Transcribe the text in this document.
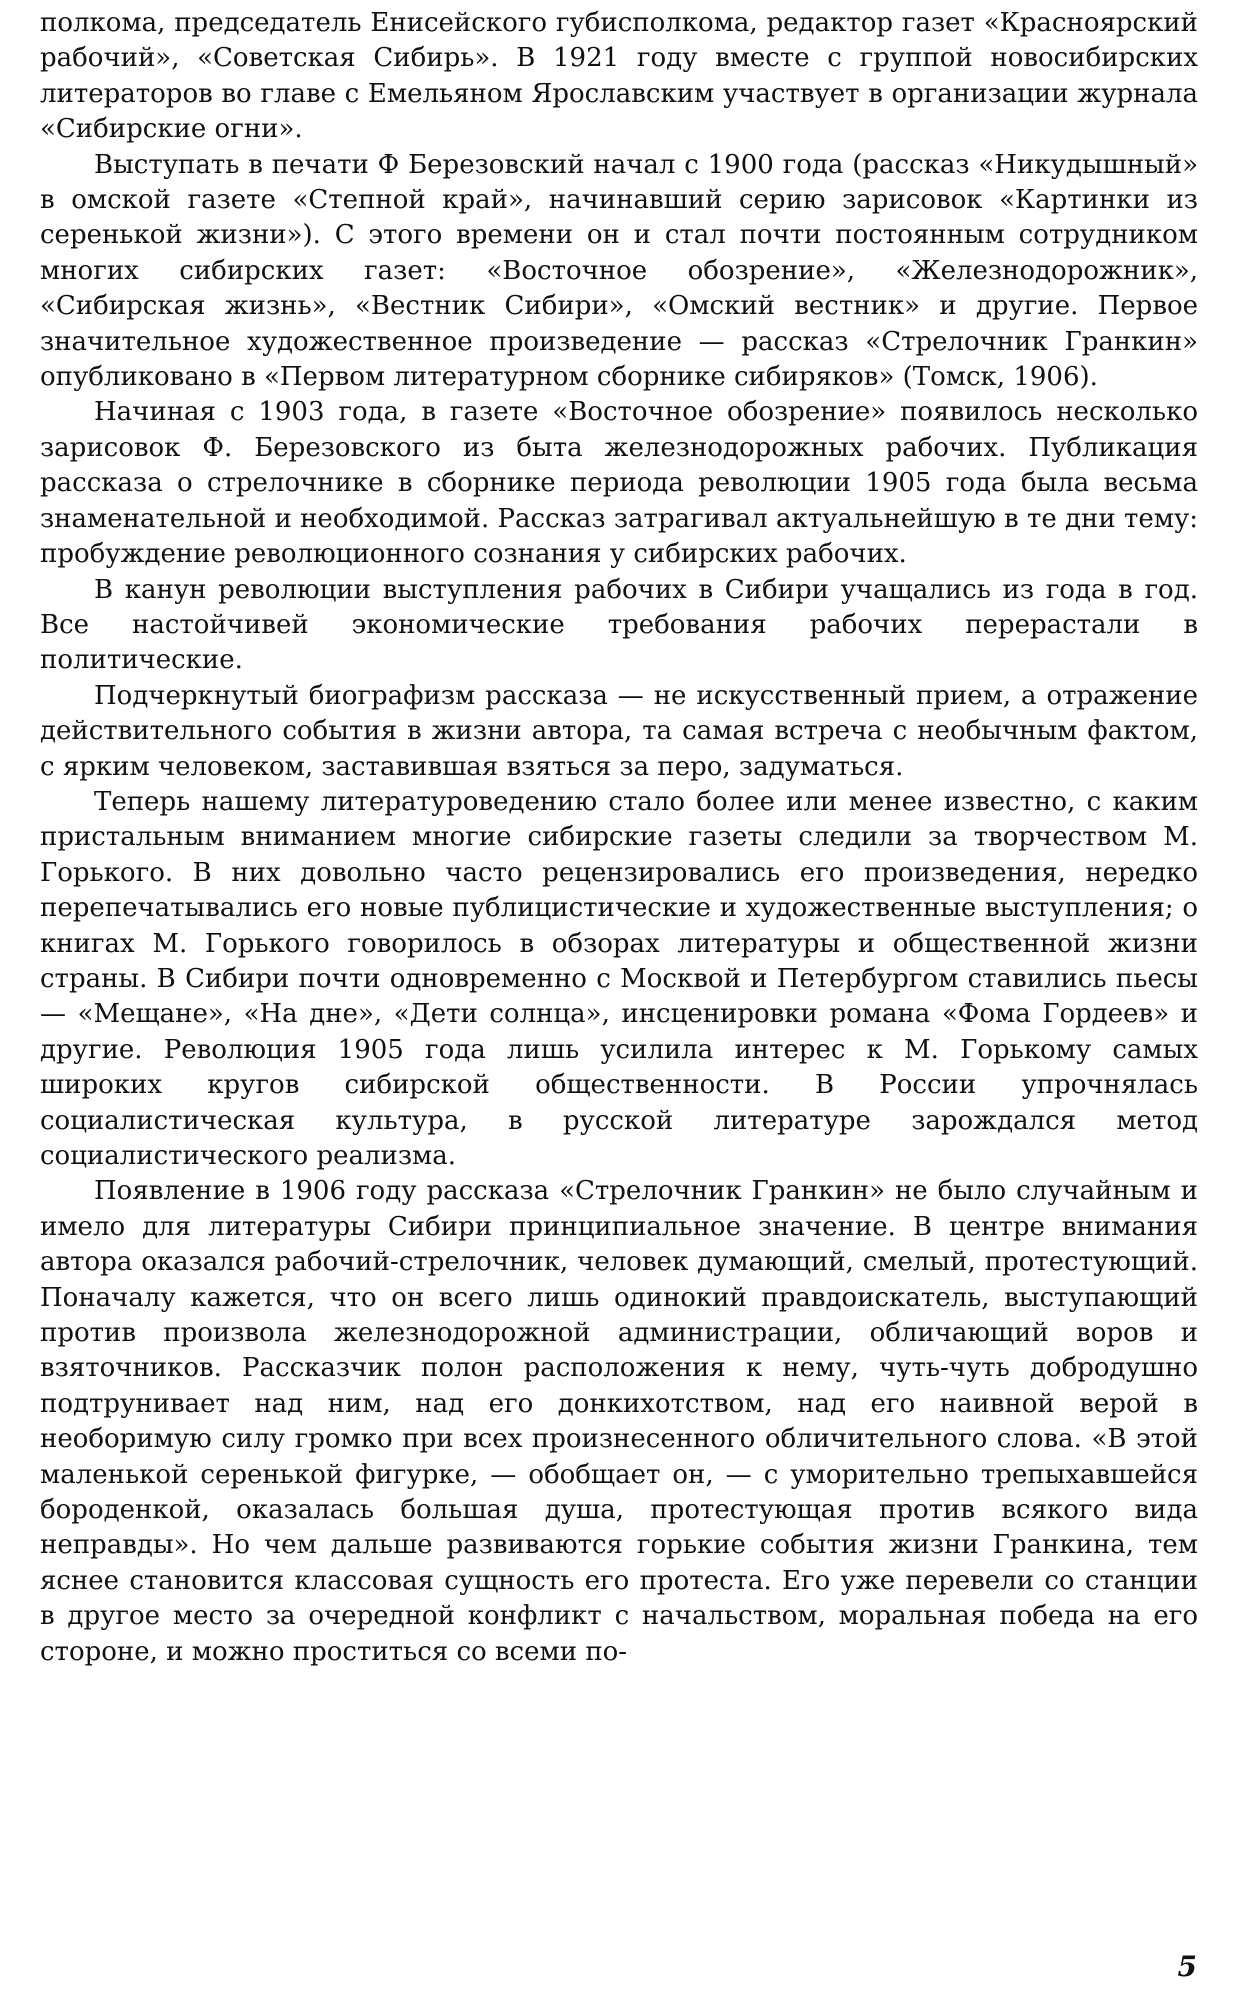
полкома, председатель Енисейского губисполкома, редактор газет «Красноярский рабочий», «Советская Сибирь». В 1921 году вместе с группой новосибирских литераторов во главе с Емельяном Ярославским участвует в организации журнала «Сибирские огни».

Выступать в печати Ф Березовский начал с 1900 года (рассказ «Никудышный» в омской газете «Степной край», начинавший серию зарисовок «Картинки из серенькой жизни»). С этого времени он и стал почти постоянным сотрудником многих сибирских газет: «Восточное обозрение», «Железнодорожник», «Сибирская жизнь», «Вестник Сибири», «Омский вестник» и другие. Первое значительное художественное произведение — рассказ «Стрелочник Гранкин» опубликовано в «Первом литературном сборнике сибиряков» (Томск, 1906).

Начиная с 1903 года, в газете «Восточное обозрение» появилось несколько зарисовок Ф. Березовского из быта железнодорожных рабочих. Публикация рассказа о стрелочнике в сборнике периода революции 1905 года была весьма знаменательной и необходимой. Рассказ затрагивал актуальнейшую в те дни тему: пробуждение революционного сознания у сибирских рабочих.

В канун революции выступления рабочих в Сибири учащались из года в год. Все настойчивей экономические требования рабочих перерастали в политические.

Подчеркнутый биографизм рассказа — не искусственный прием, а отражение действительного события в жизни автора, та самая встреча с необычным фактом, с ярким человеком, заставившая взяться за перо, задуматься.

Теперь нашему литературоведению стало более или менее известно, с каким пристальным вниманием многие сибирские газеты следили за творчеством М. Горького. В них довольно часто рецензировались его произведения, нередко перепечатывались его новые публицистические и художественные выступления; о книгах М. Горького говорилось в обзорах литературы и общественной жизни страны. В Сибири почти одновременно с Москвой и Петербургом ставились пьесы — «Мещане», «На дне», «Дети солнца», инсценировки романа «Фома Гордеев» и другие. Революция 1905 года лишь усилила интерес к М. Горькому самых широких кругов сибирской общественности. В России упрочнялась социалистическая культура, в русской литературе зарождался метод социалистического реализма.

Появление в 1906 году рассказа «Стрелочник Гранкин» не было случайным и имело для литературы Сибири принципиальное значение. В центре внимания автора оказался рабочий-стрелочник, человек думающий, смелый, протестующий. Поначалу кажется, что он всего лишь одинокий правдоискатель, выступающий против произвола железнодорожной администрации, обличающий воров и взяточников. Рассказчик полон расположения к нему, чуть-чуть добродушно подтрунивает над ним, над его донкихотством, над его наивной верой в необоримую силу громко при всех произнесенного обличительного слова. «В этой маленькой серенькой фигурке, — обобщает он, — с уморительно трепыхавшейся бороденкой, оказалась большая душа, протестующая против всякого вида неправды». Но чем дальше развиваются горькие события жизни Гранкина, тем яснее становится классовая сущность его протеста. Его уже перевели со станции в другое место за очередной конфликт с начальством, моральная победа на его стороне, и можно проститься со всеми по-

5
